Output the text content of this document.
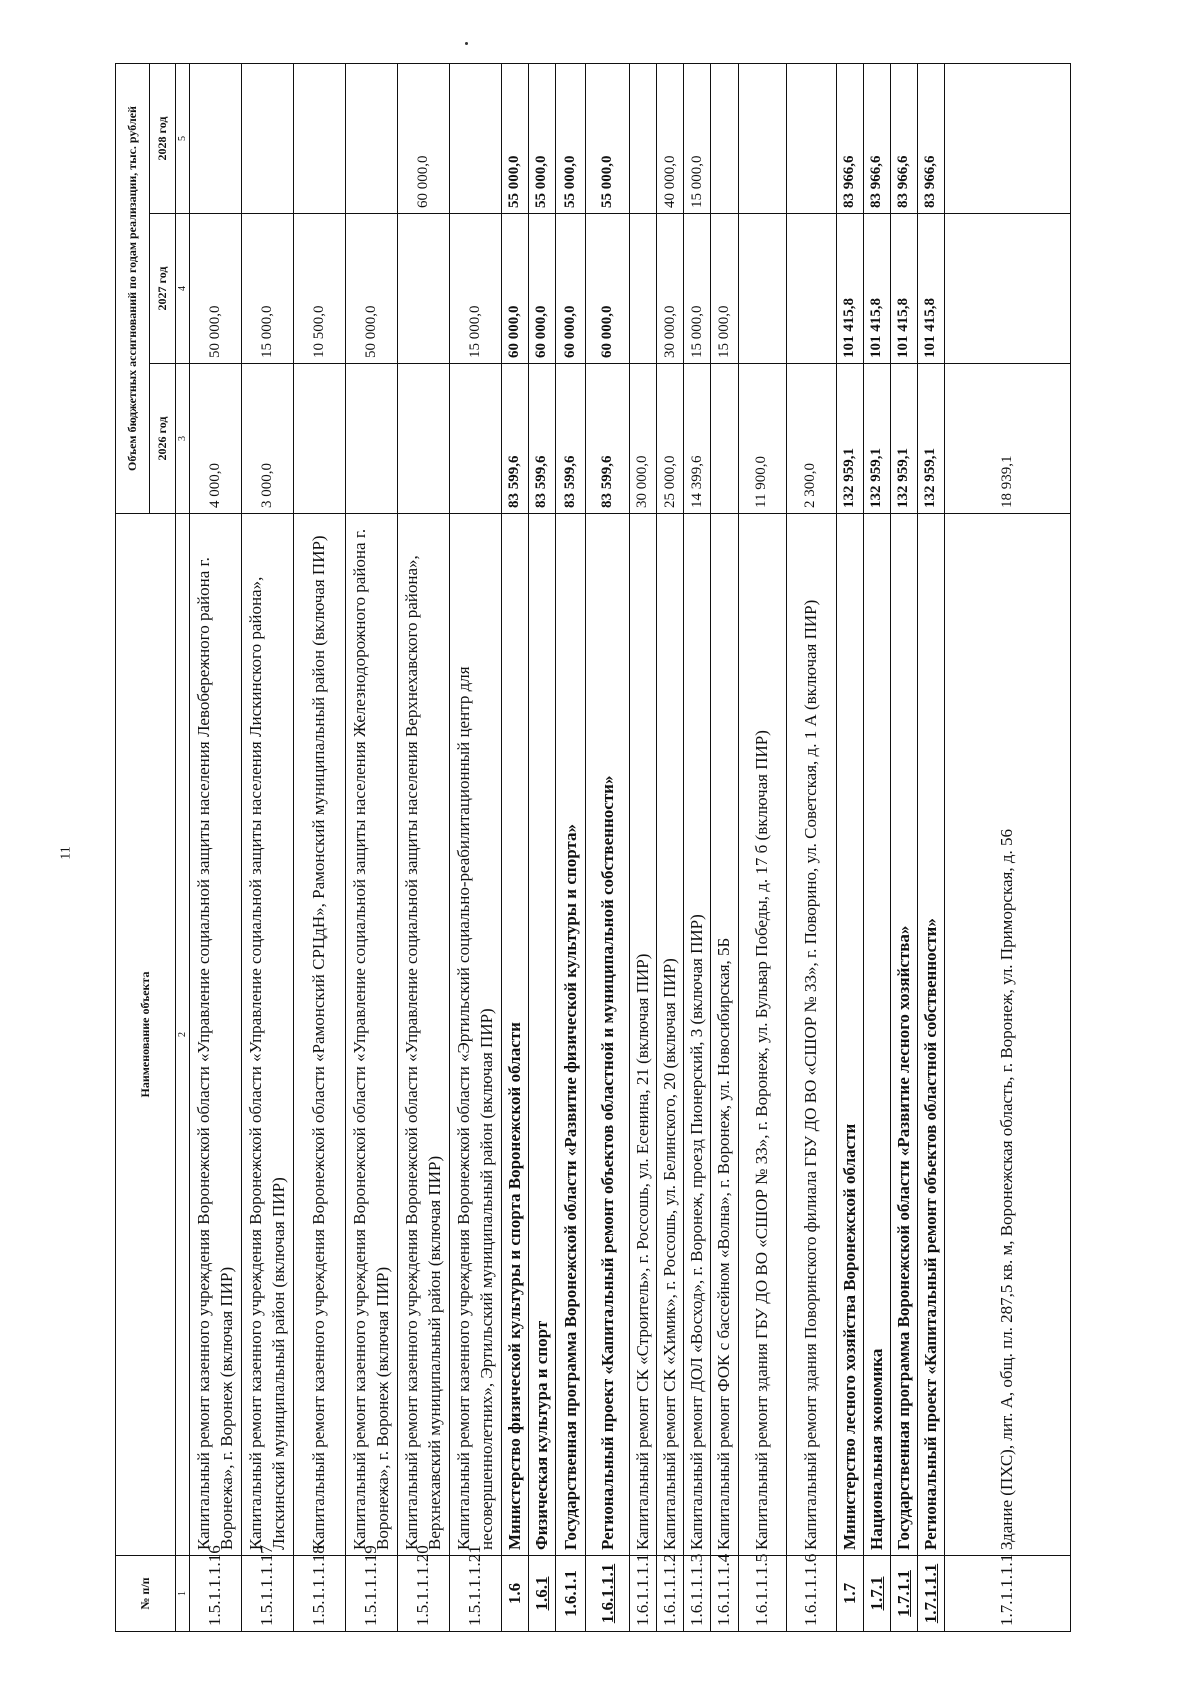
11
№ п/п	Наименование объекта	Объем бюджетных ассигнований по годам реализации, тыс. рублей		
		2026 год	2027 год	2028 год
1	2	3	4	5
1.5.1.1.1.16	Капитальный ремонт казенного учреждения Воронежской области «Управление социальной защиты населения Левобережного района г. Воронежа», г. Воронеж (включая ПИР)	4 000,0	50 000,0	
1.5.1.1.1.17	Капитальный ремонт казенного учреждения Воронежской области «Управление социальной защиты населения Лискинского района», Лискинский муниципальный район (включая ПИР)	3 000,0	15 000,0	
1.5.1.1.1.18	Капитальный ремонт казенного учреждения Воронежской области «Рамонский СРЦдН», Рамонский муниципальный район (включая ПИР)		10 500,0	
1.5.1.1.1.19	Капитальный ремонт казенного учреждения Воронежской области «Управление социальной защиты населения Железнодорожного района г. Воронежа», г. Воронеж (включая ПИР)		50 000,0	
1.5.1.1.1.20	Капитальный ремонт казенного учреждения Воронежской области «Управление социальной защиты населения Верхнехавского района», Верхнехавский муниципальный район (включая ПИР)			60 000,0
1.5.1.1.1.21	Капитальный ремонт казенного учреждения Воронежской области «Эртильский социально-реабилитационный центр для несовершеннолетних», Эртильский муниципальный район (включая ПИР)		15 000,0	
1.6	Министерство физической культуры и спорта Воронежской области	83 599,6	60 000,0	55 000,0
1.6.1	Физическая культура и спорт	83 599,6	60 000,0	55 000,0
1.6.1.1	Государственная программа Воронежской области «Развитие физической культуры и спорта»	83 599,6	60 000,0	55 000,0
1.6.1.1.1	Региональный проект «Капитальный ремонт объектов областной и муниципальной собственности»	83 599,6	60 000,0	55 000,0
1.6.1.1.1.1	Капитальный ремонт СК «Строитель», г. Россошь, ул. Есенина, 21 (включая ПИР)	30 000,0		
1.6.1.1.1.2	Капитальный ремонт СК «Химик», г. Россошь, ул. Белинского, 20 (включая ПИР)	25 000,0	30 000,0	40 000,0
1.6.1.1.1.3	Капитальный ремонт ДОЛ «Восход», г. Воронеж, проезд Пионерский, 3 (включая ПИР)	14 399,6	15 000,0	15 000,0
1.6.1.1.1.4	Капитальный ремонт ФОК с бассейном «Волна», г. Воронеж, ул. Новосибирская, 5Б		15 000,0	
1.6.1.1.1.5	Капитальный ремонт здания ГБУ ДО ВО «СШОР № 33», г. Воронеж, ул. Бульвар Победы, д. 17 б (включая ПИР)	11 900,0		
1.6.1.1.1.6	Капитальный ремонт здания Поворинского филиала ГБУ ДО ВО «СШОР № 33», г. Поворино, ул. Советская, д. 1 А (включая ПИР)	2 300,0		
1.7	Министерство лесного хозяйства Воронежской области	132 959,1	101 415,8	83 966,6
1.7.1	Национальная экономика	132 959,1	101 415,8	83 966,6
1.7.1.1	Государственная программа Воронежской области «Развитие лесного хозяйства»	132 959,1	101 415,8	83 966,6
1.7.1.1.1	Региональный проект «Капитальный ремонт объектов областной собственности»	132 959,1	101 415,8	83 966,6
1.7.1.1.1.1	Здание (ПХС), лит. А, общ. пл. 287,5 кв. м, Воронежская область, г. Воронеж, ул. Приморская, д. 56	18 939,1		
